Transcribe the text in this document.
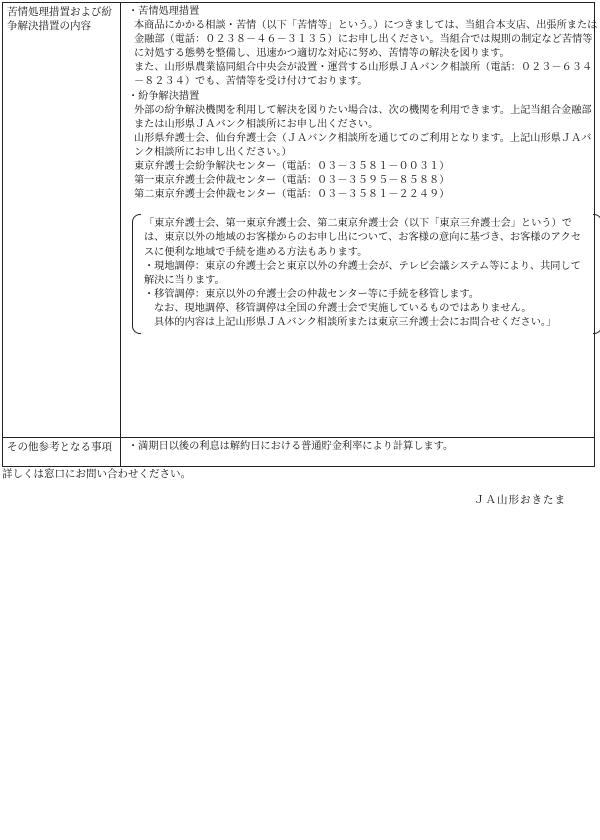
苦情処理措置および紛争解決措置の内容
・苦情処理措置

本商品にかかる相談・苦情（以下「苦情等」という。）につきましては、当組合本支店、出張所または金融部（電話：０２３８－４６－３１３５）にお申し出ください。当組合では規則の制定など苦情等に対処する態勢を整備し、迅速かつ適切な対応に努め、苦情等の解決を図ります。

また、山形県農業協同組合中央会が設置・運営する山形県ＪＡバンク相談所（電話：０２３－６３４－８２３４）でも、苦情等を受け付けております。

・紛争解決措置

外部の紛争解決機関を利用して解決を図りたい場合は、次の機関を利用できます。上記当組合金融部または山形県ＪＡバンク相談所にお申し出ください。

山形県弁護士会、仙台弁護士会（ＪＡバンク相談所を通じてのご利用となります。上記山形県ＪＡバンク相談所にお申し出ください。）

東京弁護士会紛争解決センター（電話：０３－３５８１－００３１）

第一東京弁護士会仲裁センター（電話：０３－３５９５－８５８８）

第二東京弁護士会仲裁センター（電話：０３－３５８１－２２４９）

「東京弁護士会、第一東京弁護士会、第二東京弁護士会（以下「東京三弁護士会」という）では、東京以外の地域のお客様からのお申し出について、お客様の意向に基づき、お客様のアクセスに便利な地域で手続を進める方法もあります。

・現地調停：東京の弁護士会と東京以外の弁護士会が、テレビ会議システム等により、共同して解決に当ります。

・移管調停：東京以外の弁護士会の仲裁センター等に手続を移管します。

なお、現地調停、移管調停は全国の弁護士会で実施しているものではありません。

具体的内容は上記山形県ＪＡバンク相談所または東京三弁護士会にお問合せください。」

その他参考となる事項	・満期日以後の利息は解約日における普通貯金利率により計算します。
詳しくは窓口にお問い合わせください。
ＪＡ山形おきたま
